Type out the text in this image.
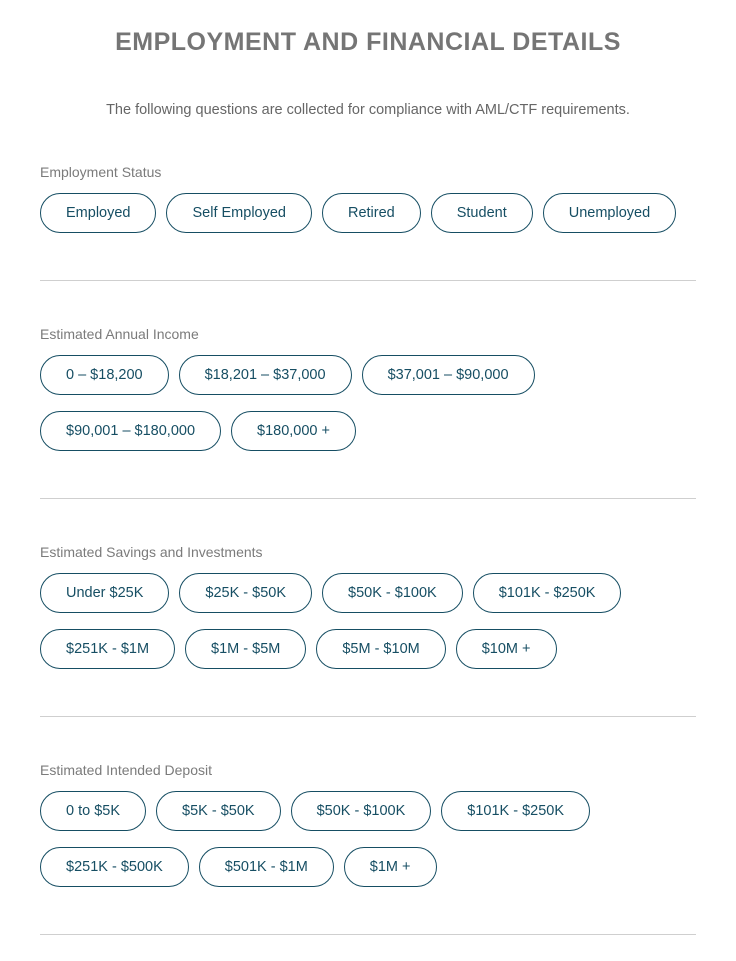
EMPLOYMENT AND FINANCIAL DETAILS

The following questions are collected for compliance with AML/CTF requirements.

Employment Status
Employed	Self Employed	Retired	Student	Unemployed
Estimated Annual Income
0 – $18,200	$18,201 – $37,000	$37,001 – $90,000
$90,001 – $180,000	$180,000 +
Estimated Savings and Investments
Under $25K	$25K - $50K	$50K - $100K	$101K - $250K
$251K - $1M	$1M - $5M	$5M - $10M	$10M +
Estimated Intended Deposit
0 to $5K	$5K - $50K	$50K - $100K	$101K - $250K
$251K - $500K	$501K - $1M	$1M +
